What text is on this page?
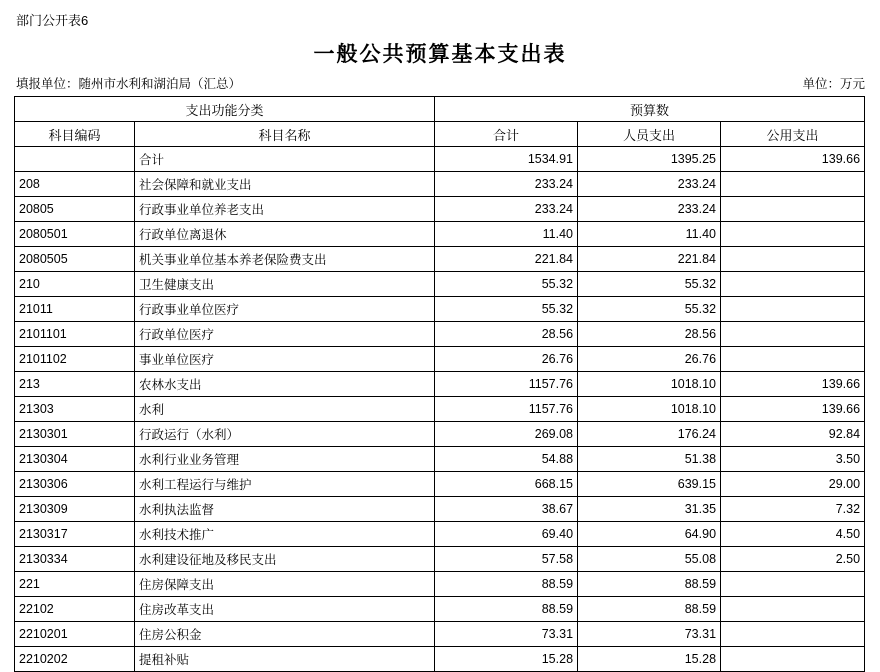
部门公开表6
一般公共预算基本支出表
填报单位：随州市水利和湖泊局（汇总）	单位：万元
支出功能分类		预算数		
科目编码	科目名称	合计	人员支出	公用支出
	合计	1534.91	1395.25	139.66
208	社会保障和就业支出	233.24	233.24	
20805	行政事业单位养老支出	233.24	233.24	
2080501	行政单位离退休	11.40	11.40	
2080505	机关事业单位基本养老保险费支出	221.84	221.84	
210	卫生健康支出	55.32	55.32	
21011	行政事业单位医疗	55.32	55.32	
2101101	行政单位医疗	28.56	28.56	
2101102	事业单位医疗	26.76	26.76	
213	农林水支出	1157.76	1018.10	139.66
21303	水利	1157.76	1018.10	139.66
2130301	行政运行（水利）	269.08	176.24	92.84
2130304	水利行业业务管理	54.88	51.38	3.50
2130306	水利工程运行与维护	668.15	639.15	29.00
2130309	水利执法监督	38.67	31.35	7.32
2130317	水利技术推广	69.40	64.90	4.50
2130334	水利建设征地及移民支出	57.58	55.08	2.50
221	住房保障支出	88.59	88.59	
22102	住房改革支出	88.59	88.59	
2210201	住房公积金	73.31	73.31	
2210202	提租补贴	15.28	15.28	
